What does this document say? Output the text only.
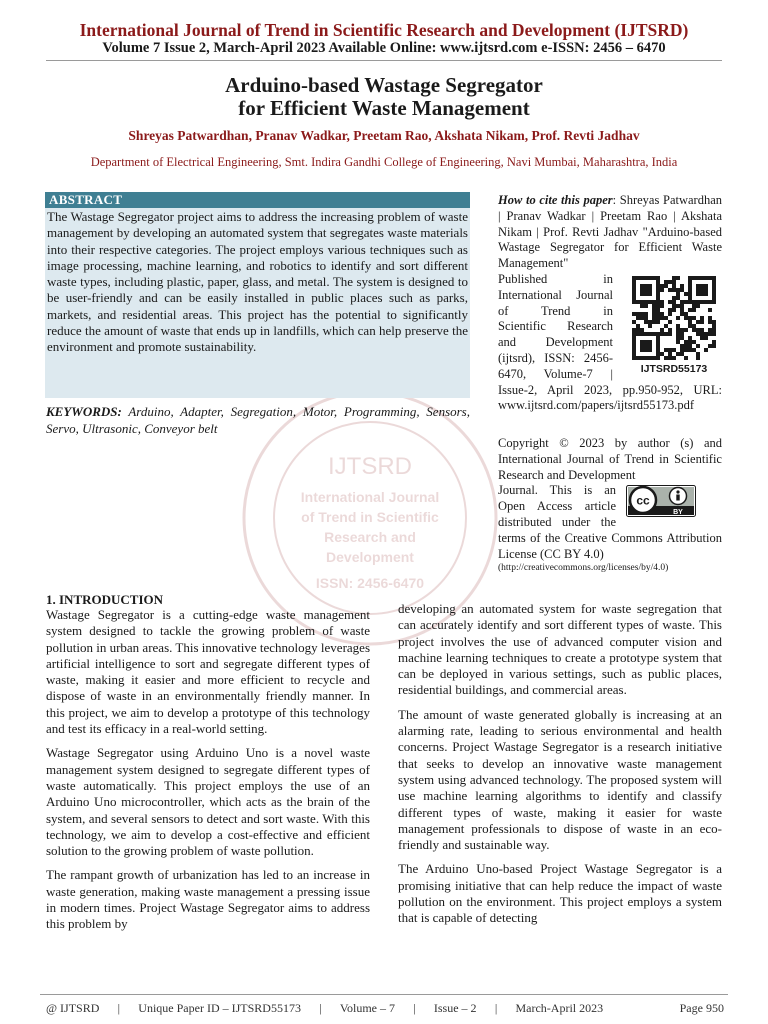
International Journal of Trend in Scientific Research and Development (IJTSRD)
Volume 7 Issue 2, March-April 2023 Available Online: www.ijtsrd.com e-ISSN: 2456 – 6470
Arduino-based Wastage Segregator
for Efficient Waste Management
Shreyas Patwardhan, Pranav Wadkar, Preetam Rao, Akshata Nikam, Prof. Revti Jadhav
Department of Electrical Engineering, Smt. Indira Gandhi College of Engineering, Navi Mumbai, Maharashtra, India
IJTSRD
International Journal
of Trend in Scientific
Research and
Development
ISSN: 2456-6470
ABSTRACT
The Wastage Segregator project aims to address the increasing problem of waste management by developing an automated system that segregates waste materials into their respective categories. The project employs various techniques such as image processing, machine learning, and robotics to identify and sort different waste types, including plastic, paper, glass, and metal. The system is designed to be user-friendly and can be easily installed in public places such as parks, markets, and residential areas. This project has the potential to significantly reduce the amount of waste that ends up in landfills, which can help preserve the environment and promote sustainability.
KEYWORDS: Arduino, Adapter, Segregation, Motor, Programming, Sensors, Servo, Ultrasonic, Conveyor belt
How to cite this paper: Shreyas Patwardhan | Pranav Wadkar | Preetam Rao | Akshata Nikam | Prof. Revti Jadhav "Arduino-based Wastage Segregator for Efficient Waste Management"
Published in
International Journal
of Trend in
Scientific Research
and Development
(ijtsrd), ISSN: 2456-
6470, Volume-7 |	IJTSRD55173
Issue-2, April 2023, pp.950-952, URL: www.ijtsrd.com/papers/ijtsrd55173.pdf
Copyright © 2023 by author (s) and International Journal of Trend in Scientific Research and Development
Journal. This is an
Open Access article
distributed under the
cc
BY
terms of the Creative Commons Attribution License (CC BY 4.0)
(http://creativecommons.org/licenses/by/4.0)
1. INTRODUCTION

Wastage Segregator is a cutting-edge waste management system designed to tackle the growing problem of waste pollution in urban areas. This innovative technology leverages artificial intelligence to sort and segregate different types of waste, making it easier and more efficient to recycle and dispose of waste in an environmentally friendly manner. In this project, we aim to develop a prototype of this technology and test its efficacy in a real-world setting.

Wastage Segregator using Arduino Uno is a novel waste management system designed to segregate different types of waste automatically. This project employs the use of an Arduino Uno microcontroller, which acts as the brain of the system, and several sensors to detect and sort waste. With this technology, we aim to develop a cost-effective and efficient solution to the growing problem of waste pollution.

The rampant growth of urbanization has led to an increase in waste generation, making waste management a pressing issue in modern times. Project Wastage Segregator aims to address this problem by

developing an automated system for waste segregation that can accurately identify and sort different types of waste. This project involves the use of advanced computer vision and machine learning techniques to create a prototype system that can be deployed in various settings, such as public places, residential buildings, and commercial areas.

The amount of waste generated globally is increasing at an alarming rate, leading to serious environmental and health concerns. Project Wastage Segregator is a research initiative that seeks to develop an innovative waste management system using advanced technology. The proposed system will use machine learning algorithms to identify and classify different types of waste, making it easier for waste management professionals to dispose of waste in an eco-friendly and sustainable way.

The Arduino Uno-based Project Wastage Segregator is a promising initiative that can help reduce the impact of waste pollution on the environment. This project employs a system that is capable of detecting

@ IJTSRD | Unique Paper ID – IJTSRD55173 | Volume – 7 | Issue – 2 | March-April 2023	Page 950
